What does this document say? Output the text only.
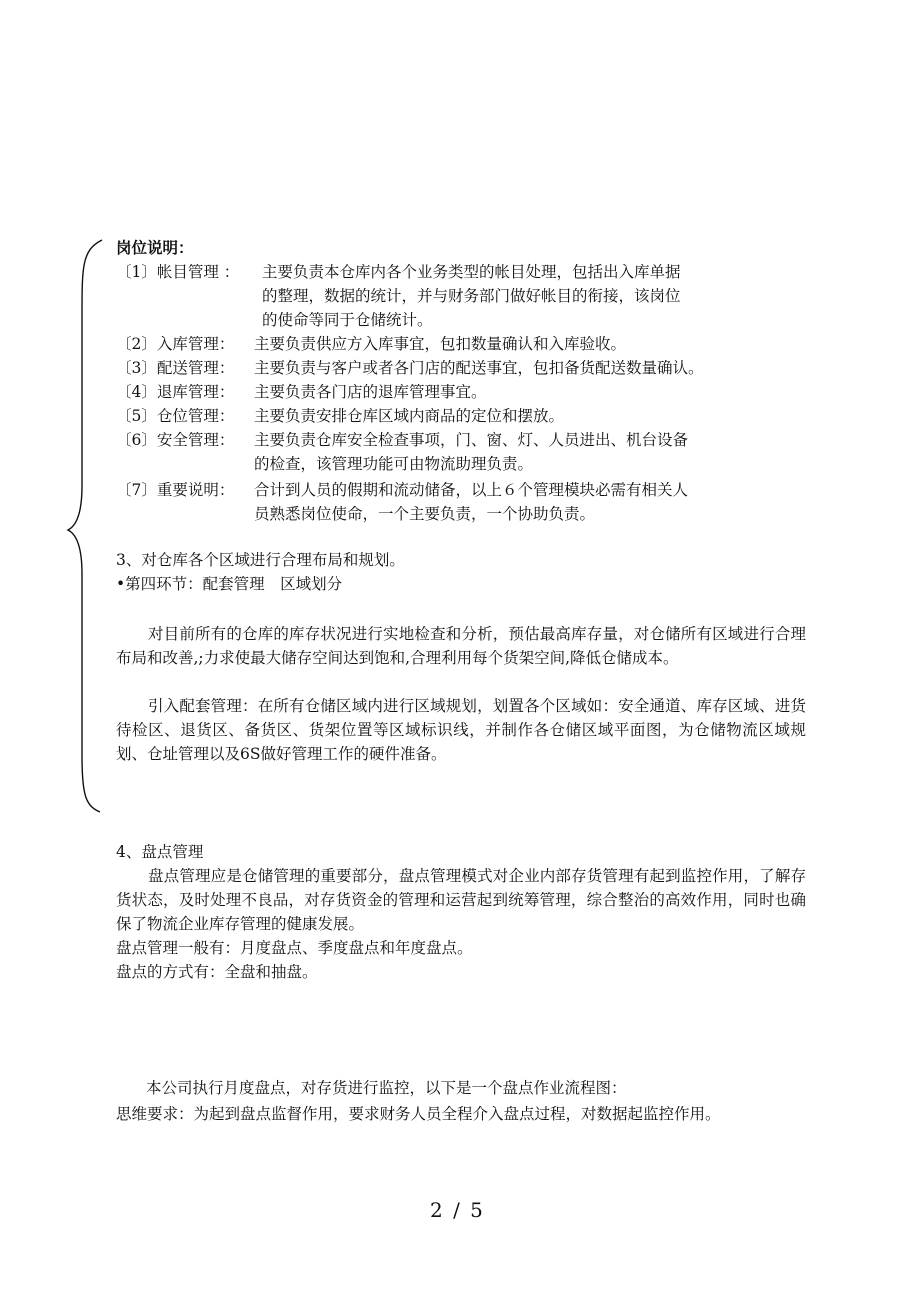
岗位说明：
〔1〕帐目管理 ： 主要负责本仓库内各个业务类型的帐目处理，包括出入库单据
的整理，数据的统计，并与财务部门做好帐目的衔接，该岗位
的使命等同于仓储统计。
〔2〕入库管理： 主要负责供应方入库事宜，包扣数量确认和入库验收。
〔3〕配送管理： 主要负责与客户或者各门店的配送事宜，包扣备货配送数量确认。
〔4〕退库管理： 主要负责各门店的退库管理事宜。
〔5〕仓位管理： 主要负责安排仓库区域内商品的定位和摆放。
〔6〕安全管理： 主要负责仓库安全检查事项，门、窗、灯、人员进出、机台设备
的检查，该管理功能可由物流助理负责。
〔7〕重要说明： 合计到人员的假期和流动储备，以上６个管理模块必需有相关人
员熟悉岗位使命，一个主要负责，一个协助负责。
3、对仓库各个区域进行合理布局和规划。
•第四环节：配套管理　区域划分
对目前所有的仓库的库存状况进行实地检查和分析，预估最高库存量，对仓储所有区域进行合理布局和改善,;力求使最大储存空间达到饱和,合理利用每个货架空间,降低仓储成本。
引入配套管理：在所有仓储区域内进行区域规划，划置各个区域如：安全通道、库存区域、进货待检区、退货区、备货区、货架位置等区域标识线，并制作各仓储区域平面图，为仓储物流区域规划、仓址管理以及6S做好管理工作的硬件准备。
4、盘点管理
盘点管理应是仓储管理的重要部分，盘点管理模式对企业内部存货管理有起到监控作用，了解存货状态，及时处理不良品，对存货资金的管理和运营起到统筹管理，综合整治的高效作用，同时也确保了物流企业库存管理的健康发展。
盘点管理一般有：月度盘点、季度盘点和年度盘点。
盘点的方式有：全盘和抽盘。
本公司执行月度盘点，对存货进行监控，以下是一个盘点作业流程图：
思维要求：为起到盘点监督作用，要求财务人员全程介入盘点过程，对数据起监控作用。
2 / 5
